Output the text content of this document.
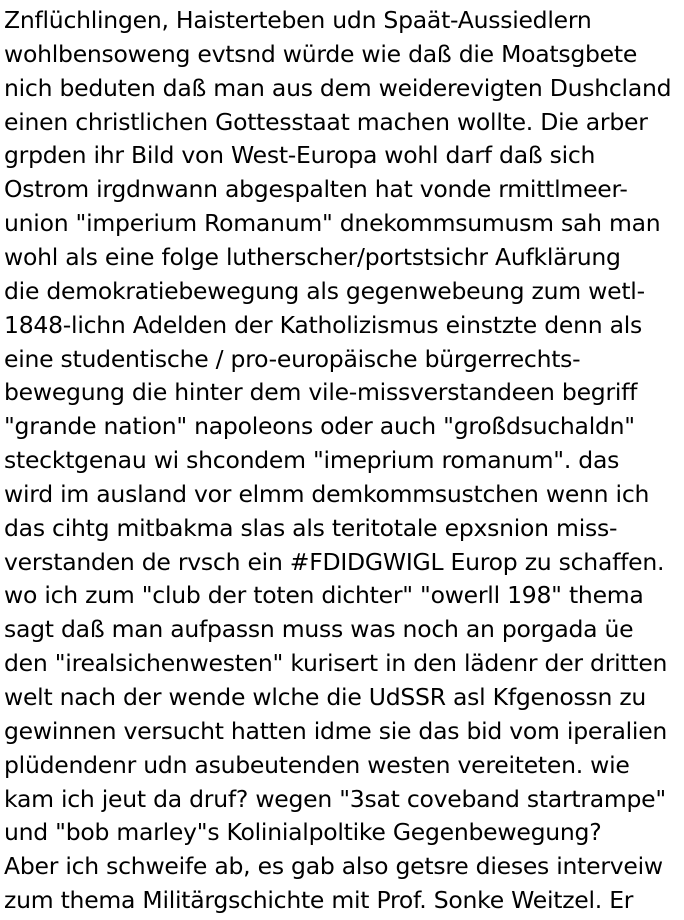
Znflüchlingen, Haisterteben udn Spaät-Aussiedlern
wohlbensoweng evtsnd würde wie daß die Moatsgbete
nich beduten daß man aus dem weiderevigten Dushcland
einen christlichen Gottesstaat machen wollte. Die arber
grpden ihr Bild von West-Europa wohl darf daß sich
Ostrom irgdnwann abgespalten hat vonde rmittlmeer-
union "imperium Romanum" dnekommsumusm sah man
wohl als eine folge lutherscher/portstsichr Aufklärung
die demokratiebewegung als gegenwebeung zum wetl-
1848-lichn Adelden der Katholizismus einstzte denn als
eine studentische / pro-europäische bürgerrechts-
bewegung die hinter dem vile-missverstandeen begriff
"grande nation" napoleons oder auch "großdsuchaldn"
stecktgenau wi shcondem "imeprium romanum". das
wird im ausland vor elmm demkommsustchen wenn ich
das cihtg mitbakma slas als teritotale epxsnion miss-
verstanden de rvsch ein #FDIDGWIGL Europ zu schaffen.
wo ich zum "club der toten dichter" "owerll 198" thema
sagt daß man aufpassn muss was noch an porgada üe
den "irealsichenwesten" kurisert in den lädenr der dritten
welt nach der wende wlche die UdSSR asl Kfgenossn zu
gewinnen versucht hatten idme sie das bid vom iperalien
plüdendenr udn asubeutenden westen vereiteten. wie
kam ich jeut da druf? wegen "3sat coveband startrampe"
und "bob marley"s Kolinialpoltike Gegenbewegung?
Aber ich schweife ab, es gab also getsre dieses interveiw
zum thema Militärgschichte mit Prof. Sonke Weitzel. Er
